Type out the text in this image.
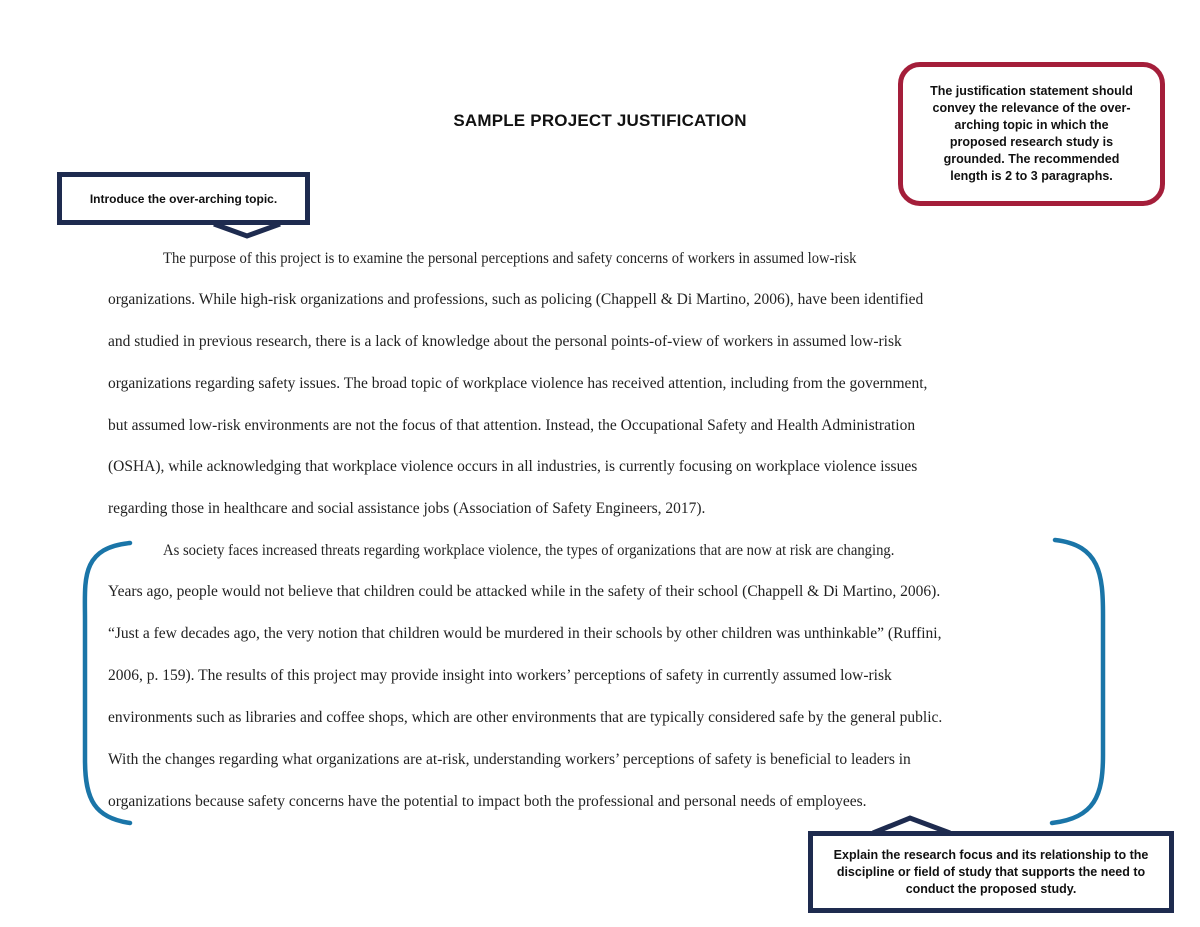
SAMPLE PROJECT JUSTIFICATION
The purpose of this project is to examine the personal perceptions and safety concerns of workers in assumed low-risk
organizations. While high-risk organizations and professions, such as policing (Chappell & Di Martino, 2006), have been identified
and studied in previous research, there is a lack of knowledge about the personal points-of-view of workers in assumed low-risk
organizations regarding safety issues. The broad topic of workplace violence has received attention, including from the government,
but assumed low-risk environments are not the focus of that attention. Instead, the Occupational Safety and Health Administration
(OSHA), while acknowledging that workplace violence occurs in all industries, is currently focusing on workplace violence issues
regarding those in healthcare and social assistance jobs (Association of Safety Engineers, 2017).
As society faces increased threats regarding workplace violence, the types of organizations that are now at risk are changing.
Years ago, people would not believe that children could be attacked while in the safety of their school (Chappell & Di Martino, 2006).
“Just a few decades ago, the very notion that children would be murdered in their schools by other children was unthinkable” (Ruffini,
2006, p. 159). The results of this project may provide insight into workers’ perceptions of safety in currently assumed low-risk
environments such as libraries and coffee shops, which are other environments that are typically considered safe by the general public.
With the changes regarding what organizations are at-risk, understanding workers’ perceptions of safety is beneficial to leaders in
organizations because safety concerns have the potential to impact both the professional and personal needs of employees.
Introduce the over-arching topic.
The justification statement should convey the relevance of the over-arching topic in which the proposed research study is grounded. The recommended length is 2 to 3 paragraphs.
Explain the research focus and its relationship to the discipline or field of study that supports the need to conduct the proposed study.
